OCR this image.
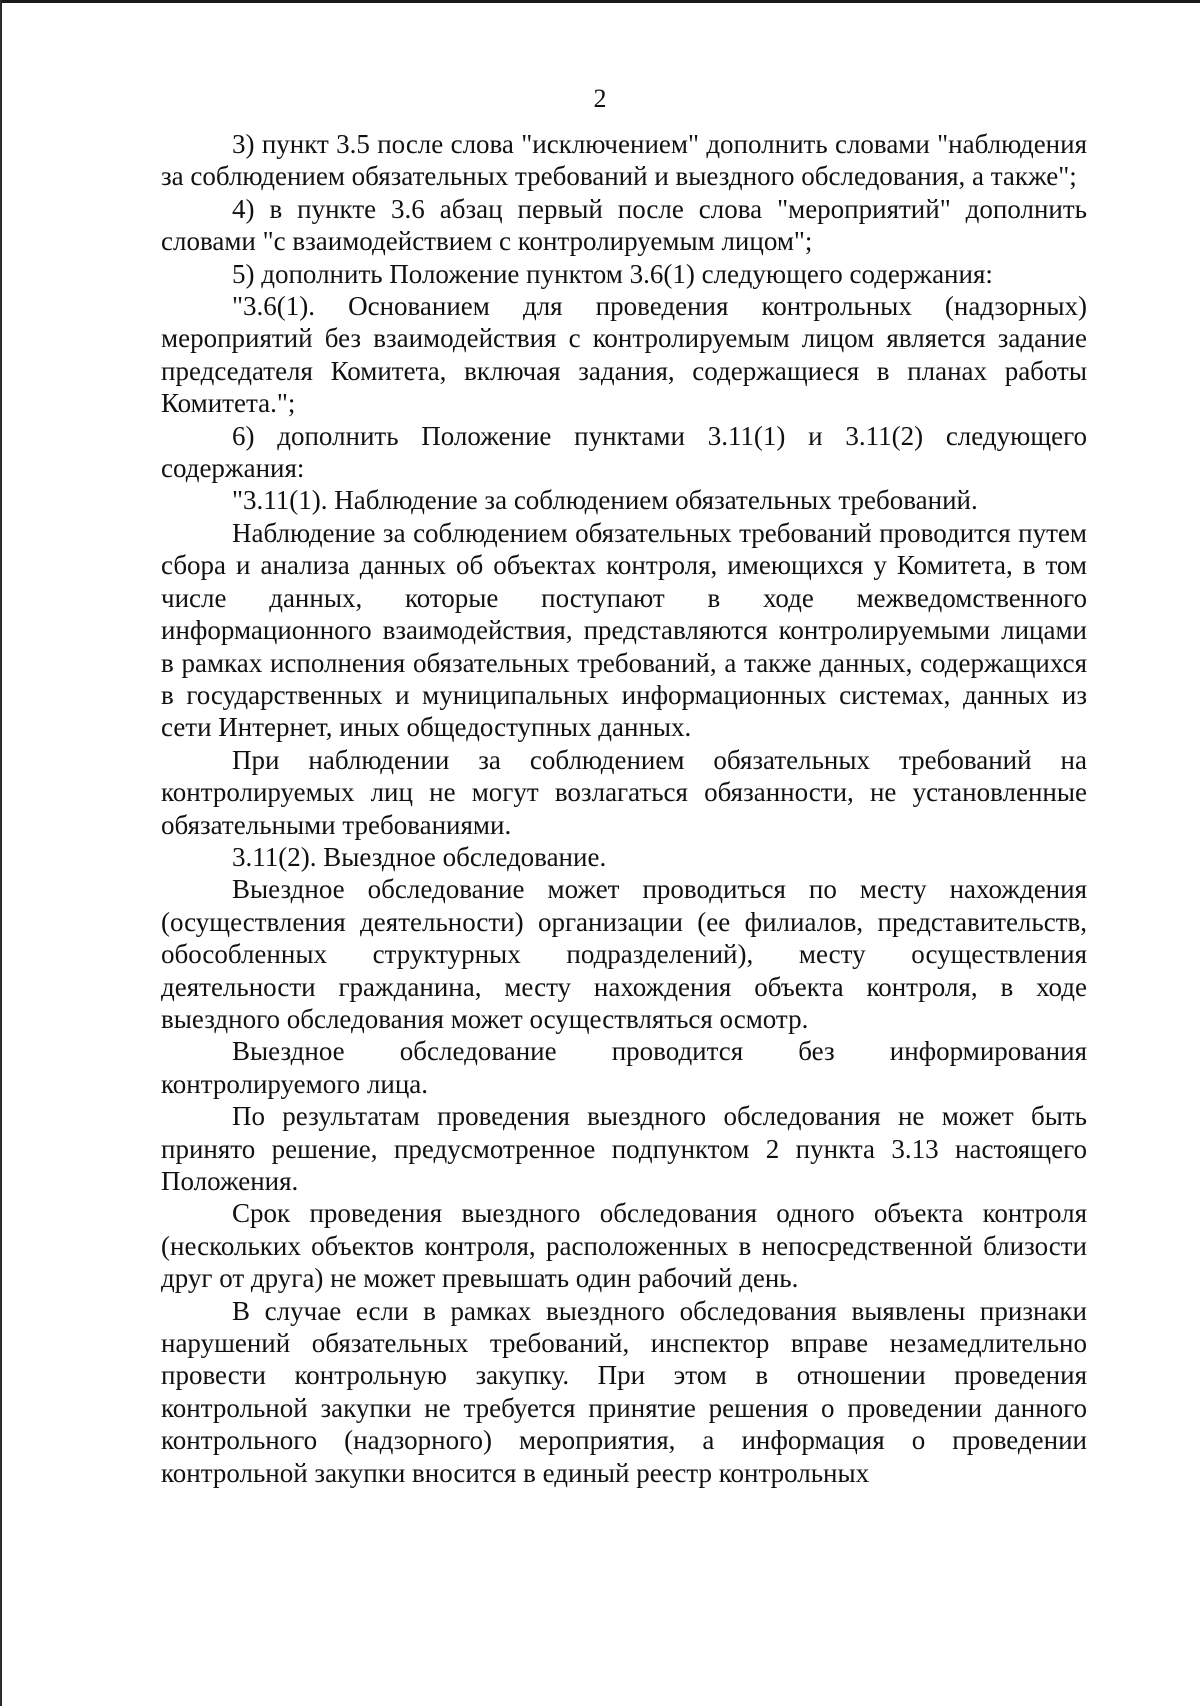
2

3) пункт 3.5 после слова "исключением" дополнить словами "наблюдения за соблюдением обязательных требований и выездного обследования, а также";

4) в пункте 3.6 абзац первый после слова "мероприятий" дополнить словами "с взаимодействием с контролируемым лицом";

5) дополнить Положение пунктом 3.6(1) следующего содержания:

"3.6(1). Основанием для проведения контрольных (надзорных) мероприятий без взаимодействия с контролируемым лицом является задание председателя Комитета, включая задания, содержащиеся в планах работы Комитета.";

6) дополнить Положение пунктами 3.11(1) и 3.11(2) следующего содержания:

"3.11(1). Наблюдение за соблюдением обязательных требований.

Наблюдение за соблюдением обязательных требований проводится путем сбора и анализа данных об объектах контроля, имеющихся у Комитета, в том числе данных, которые поступают в ходе межведомственного информационного взаимодействия, представляются контролируемыми лицами в рамках исполнения обязательных требований, а также данных, содержащихся в государственных и муниципальных информационных системах, данных из сети Интернет, иных общедоступных данных.

При наблюдении за соблюдением обязательных требований на контролируемых лиц не могут возлагаться обязанности, не установленные обязательными требованиями.

3.11(2). Выездное обследование.

Выездное обследование может проводиться по месту нахождения (осуществления деятельности) организации (ее филиалов, представительств, обособленных структурных подразделений), месту осуществления деятельности гражданина, месту нахождения объекта контроля, в ходе выездного обследования может осуществляться осмотр.

Выездное обследование проводится без информирования контролируемого лица.

По результатам проведения выездного обследования не может быть принято решение, предусмотренное подпунктом 2 пункта 3.13 настоящего Положения.

Срок проведения выездного обследования одного объекта контроля (нескольких объектов контроля, расположенных в непосредственной близости друг от друга) не может превышать один рабочий день.

В случае если в рамках выездного обследования выявлены признаки нарушений обязательных требований, инспектор вправе незамедлительно провести контрольную закупку. При этом в отношении проведения контрольной закупки не требуется принятие решения о проведении данного контрольного (надзорного) мероприятия, а информация о проведении контрольной закупки вносится в единый реестр контрольных
